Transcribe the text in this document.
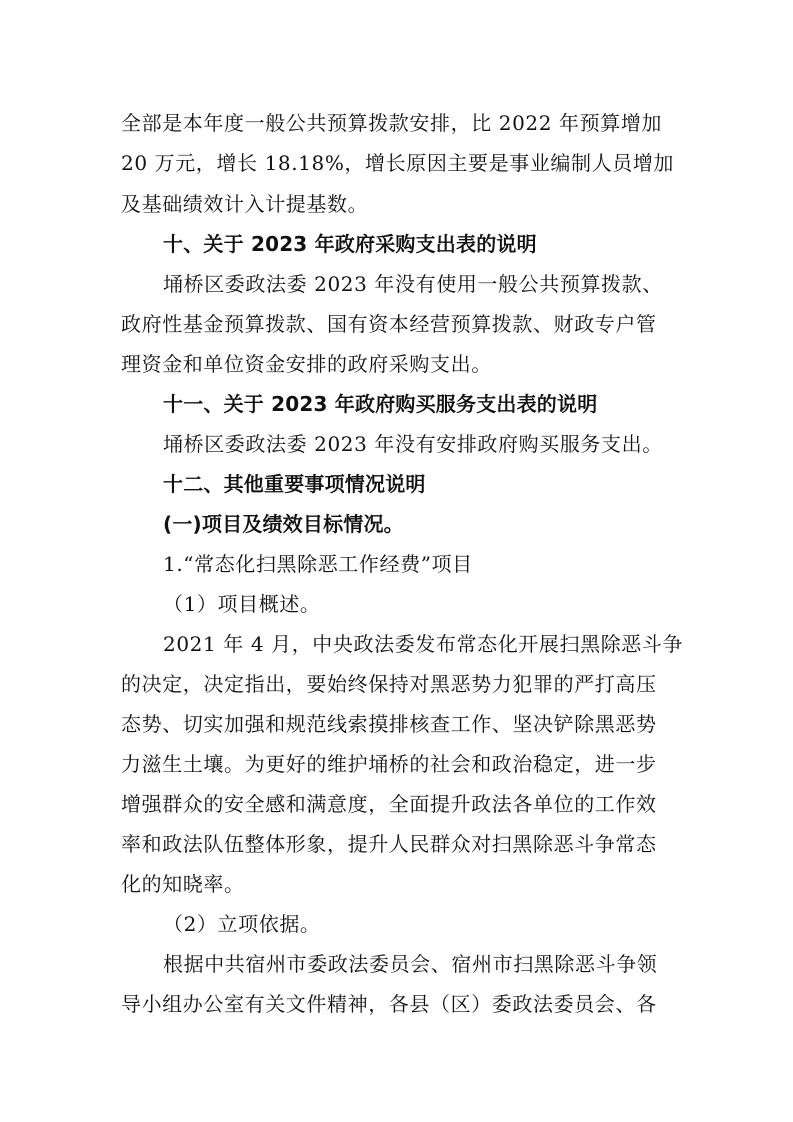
全部是本年度一般公共预算拨款安排，比 2022 年预算增加
20 万元，增长 18.18%，增长原因主要是事业编制人员增加
及基础绩效计入计提基数。
十、关于 2023 年政府采购支出表的说明
埇桥区委政法委 2023 年没有使用一般公共预算拨款、
政府性基金预算拨款、国有资本经营预算拨款、财政专户管
理资金和单位资金安排的政府采购支出。
十一、关于 2023 年政府购买服务支出表的说明
埇桥区委政法委 2023 年没有安排政府购买服务支出。
十二、其他重要事项情况说明
(一)项目及绩效目标情况。
1.“常态化扫黑除恶工作经费”项目
（1）项目概述。
2021 年 4 月，中央政法委发布常态化开展扫黑除恶斗争
的决定，决定指出，要始终保持对黑恶势力犯罪的严打高压
态势、切实加强和规范线索摸排核查工作、坚决铲除黑恶势
力滋生土壤。为更好的维护埇桥的社会和政治稳定，进一步
增强群众的安全感和满意度，全面提升政法各单位的工作效
率和政法队伍整体形象，提升人民群众对扫黑除恶斗争常态
化的知晓率。
（2）立项依据。
根据中共宿州市委政法委员会、宿州市扫黑除恶斗争领
导小组办公室有关文件精神，各县（区）委政法委员会、各
